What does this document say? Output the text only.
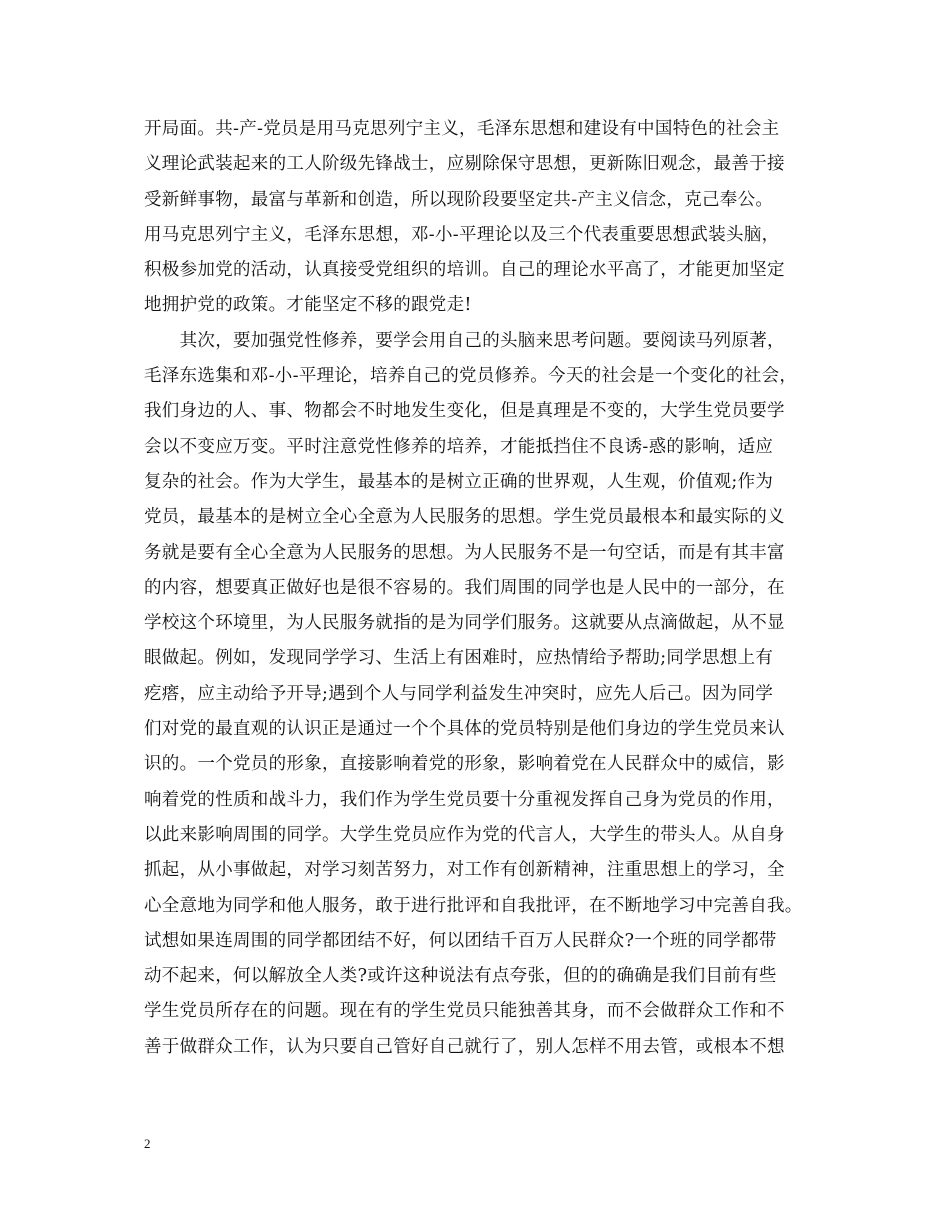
开局面。共-产-党员是用马克思列宁主义，毛泽东思想和建设有中国特色的社会主
义理论武装起来的工人阶级先锋战士，应剔除保守思想，更新陈旧观念，最善于接
受新鲜事物，最富与革新和创造，所以现阶段要坚定共-产主义信念，克己奉公。
用马克思列宁主义，毛泽东思想，邓-小-平理论以及三个代表重要思想武装头脑，
积极参加党的活动，认真接受党组织的培训。自己的理论水平高了，才能更加坚定
地拥护党的政策。才能坚定不移的跟党走!
　　其次，要加强党性修养，要学会用自己的头脑来思考问题。要阅读马列原著，
毛泽东选集和邓-小-平理论，培养自己的党员修养。今天的社会是一个变化的社会，
我们身边的人、事、物都会不时地发生变化，但是真理是不变的，大学生党员要学
会以不变应万变。平时注意党性修养的培养，才能抵挡住不良诱-惑的影响，适应
复杂的社会。作为大学生，最基本的是树立正确的世界观，人生观，价值观;作为
党员，最基本的是树立全心全意为人民服务的思想。学生党员最根本和最实际的义
务就是要有全心全意为人民服务的思想。为人民服务不是一句空话，而是有其丰富
的内容，想要真正做好也是很不容易的。我们周围的同学也是人民中的一部分，在
学校这个环境里，为人民服务就指的是为同学们服务。这就要从点滴做起，从不显
眼做起。例如，发现同学学习、生活上有困难时，应热情给予帮助;同学思想上有
疙瘩，应主动给予开导;遇到个人与同学利益发生冲突时，应先人后己。因为同学
们对党的最直观的认识正是通过一个个具体的党员特别是他们身边的学生党员来认
识的。一个党员的形象，直接影响着党的形象，影响着党在人民群众中的威信，影
响着党的性质和战斗力，我们作为学生党员要十分重视发挥自己身为党员的作用，
以此来影响周围的同学。大学生党员应作为党的代言人，大学生的带头人。从自身
抓起，从小事做起，对学习刻苦努力，对工作有创新精神，注重思想上的学习，全
心全意地为同学和他人服务，敢于进行批评和自我批评，在不断地学习中完善自我。
试想如果连周围的同学都团结不好，何以团结千百万人民群众?一个班的同学都带
动不起来，何以解放全人类?或许这种说法有点夸张，但的的确确是我们目前有些
学生党员所存在的问题。现在有的学生党员只能独善其身，而不会做群众工作和不
善于做群众工作，认为只要自己管好自己就行了，别人怎样不用去管，或根本不想
2
